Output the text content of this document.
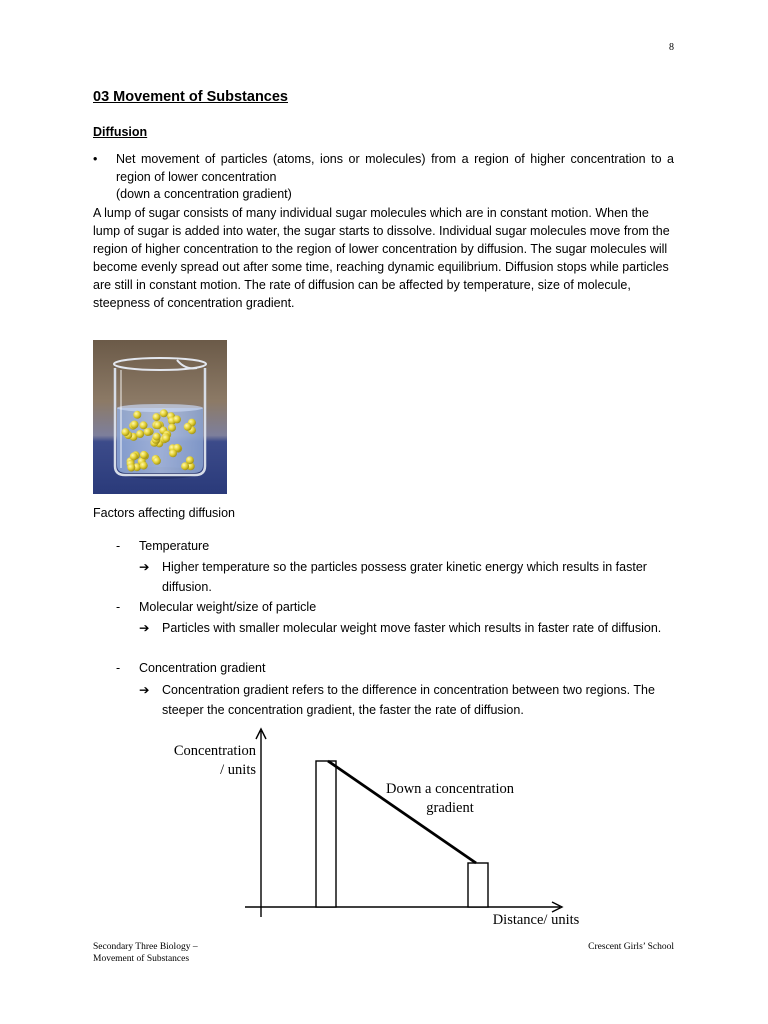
8
03 Movement of Substances
Diffusion
• Net movement of particles (atoms, ions or molecules) from a region of higher concentration to a region of lower concentration
(down a concentration gradient)

A lump of sugar consists of many individual sugar molecules which are in constant motion. When the lump of sugar is added into water, the sugar starts to dissolve. Individual sugar molecules move from the region of higher concentration to the region of lower concentration by diffusion. The sugar molecules will become evenly spread out after some time, reaching dynamic equilibrium. Diffusion stops while particles are still in constant motion. The rate of diffusion can be affected by temperature, size of molecule, steepness of concentration gradient.

Factors affecting diffusion

- Temperature
➔ Higher temperature so the particles possess grater kinetic energy which results in faster diffusion.
- Molecular weight/size of particle
➔ Particles with smaller molecular weight move faster which results in faster rate of diffusion.
- Concentration gradient
➔ Concentration gradient refers to the difference in concentration between two regions. The steeper the concentration gradient, the faster the rate of diffusion.
Concentration
/ units
Down a concentration
gradient
Distance/ units
Secondary Three Biology –
Movement of Substances
Crescent Girls’ School
